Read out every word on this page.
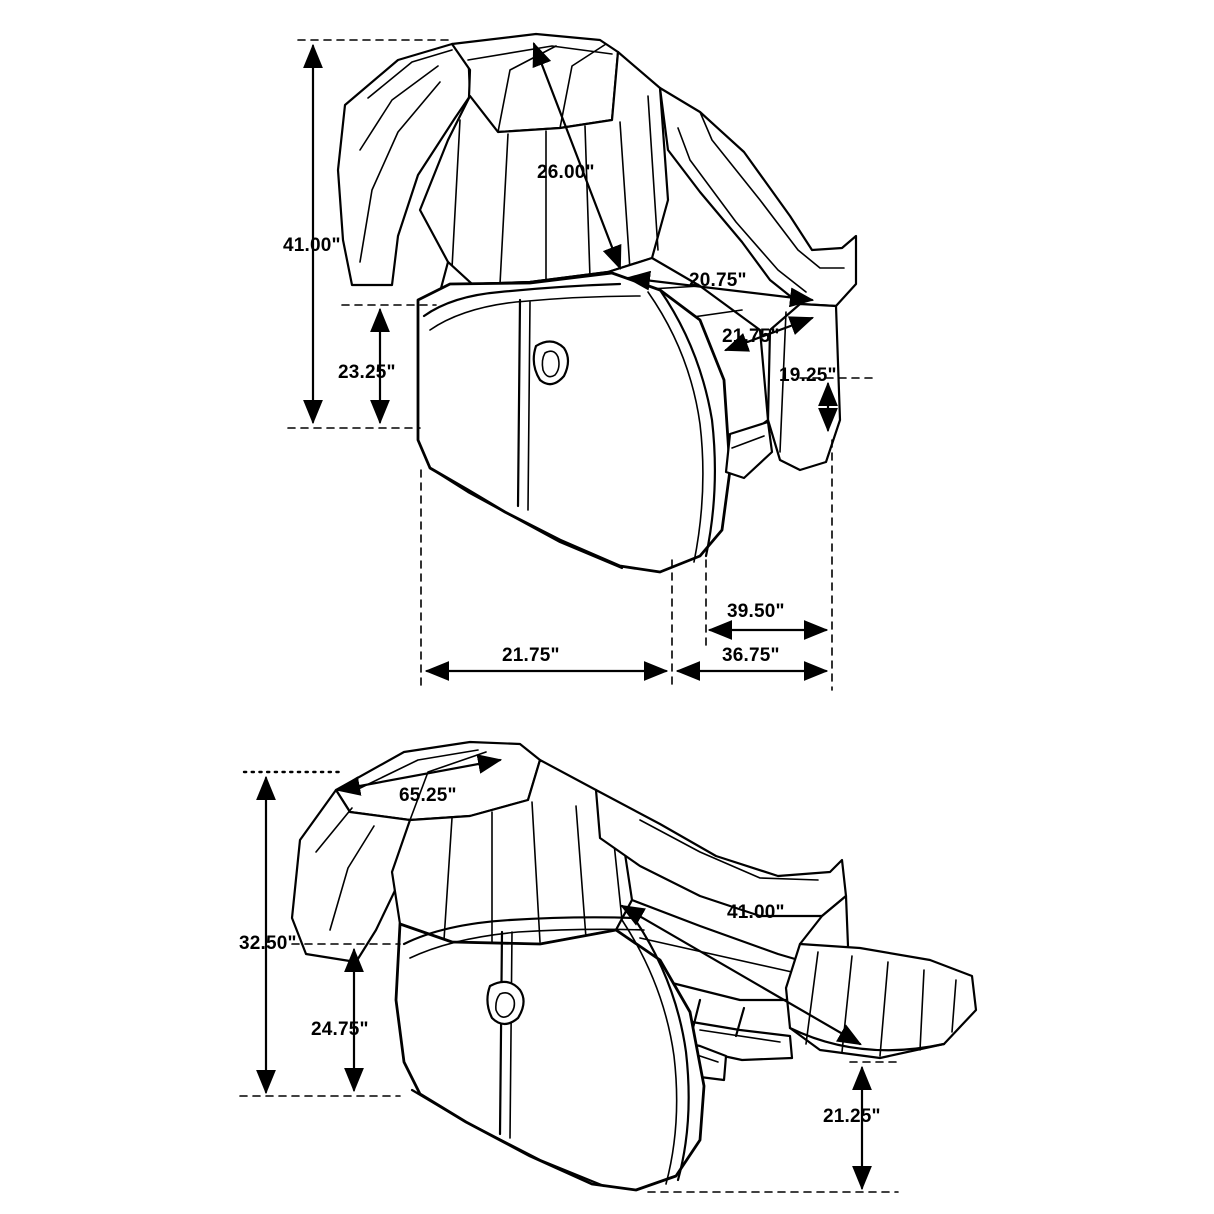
41.00"
23.25"
26.00"
20.75"
21.75"
19.25"
39.50"
21.75"	36.75"
32.50"
24.75"
65.25"
41.00"
21.25"
